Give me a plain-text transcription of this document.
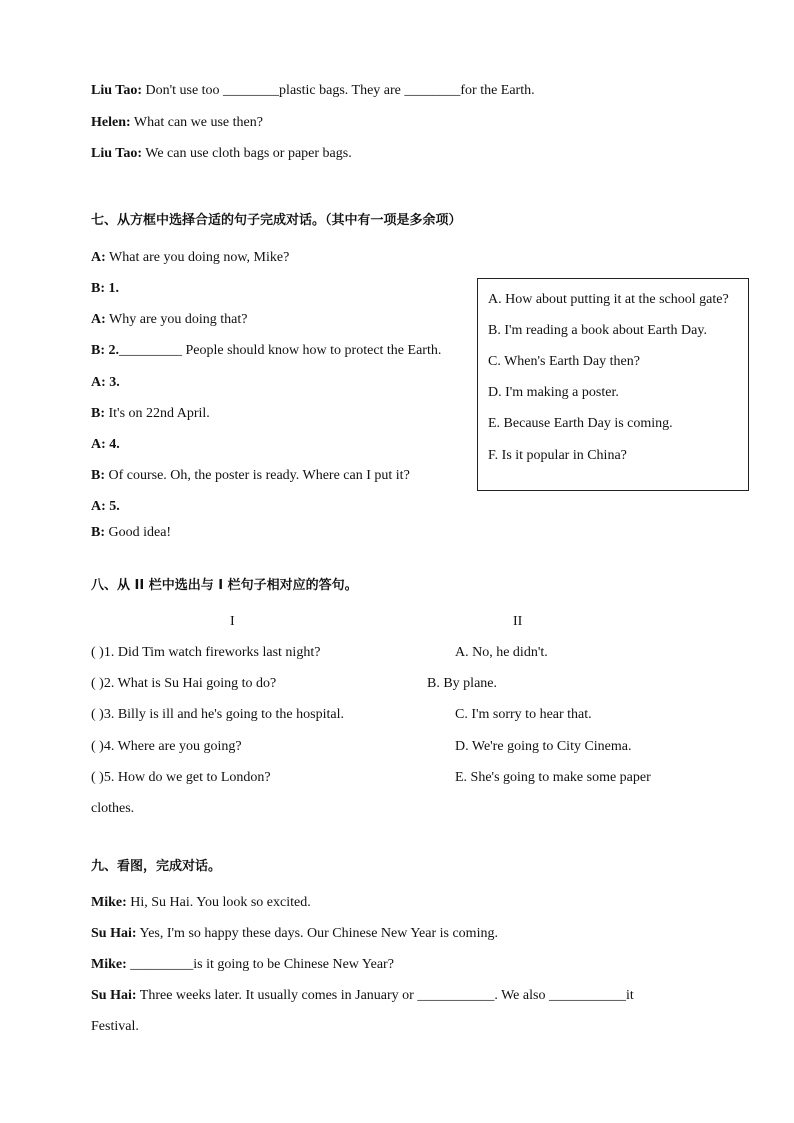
Liu Tao: Don't use too ________plastic bags. They are ________for the Earth.
Helen: What can we use then?
Liu Tao: We can use cloth bags or paper bags.
七、从方框中选择合适的句子完成对话。（其中有一项是多余项）
A: What are you doing now, Mike?
B: 1.
A: Why are you doing that?
B: 2._________ People should know how to protect the Earth.
A: 3.
B: It's on 22nd April.
A: 4.
B: Of course. Oh, the poster is ready. Where can I put it?
A: 5.
B: Good idea!
A. How about putting it at the school gate?
B. I'm reading a book about Earth Day.
C. When's Earth Day then?
D. I'm making a poster.
E. Because Earth Day is coming.
F. Is it popular in China?
八、从 II 栏中选出与 I 栏句子相对应的答句。
I	II
( )1. Did Tim watch fireworks last night?	A. No, he didn't.
( )2. What is Su Hai going to do?	B. By plane.
( )3. Billy is ill and he's going to the hospital.	C. I'm sorry to hear that.
( )4. Where are you going?	D. We're going to City Cinema.
( )5. How do we get to London?	E. She's going to make some paper
clothes.
九、看图，完成对话。
Mike: Hi, Su Hai. You look so excited.
Su Hai: Yes, I'm so happy these days. Our Chinese New Year is coming.
Mike: _________is it going to be Chinese New Year?
Su Hai: Three weeks later. It usually comes in January or ___________. We also ___________it
Festival.
